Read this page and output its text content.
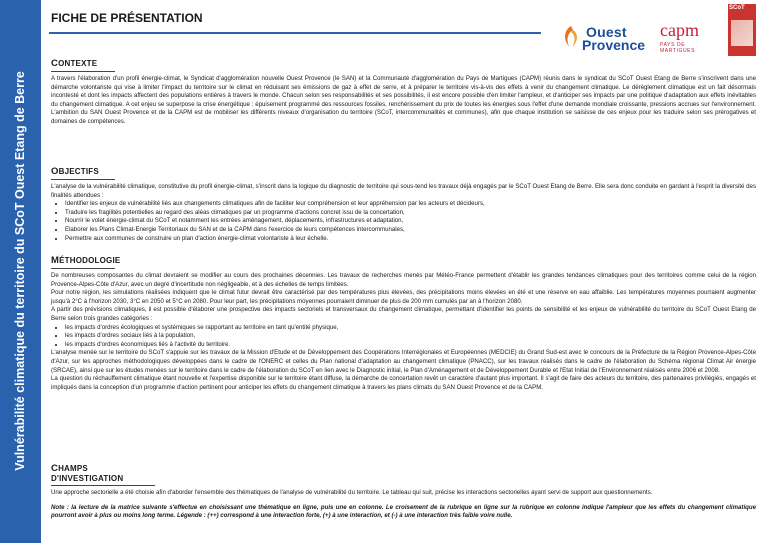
Vulnérabilité climatique du territoire du SCoT Ouest Etang de Berre
FICHE DE PRÉSENTATION
Ouest
Provence
capm
PAYS DE MARTIGUES
SCoT
CONTEXTE

A travers l'élaboration d'un profil énergie-climat, le Syndicat d'agglomération nouvelle Ouest Provence (le SAN) et la Communauté d'agglomération du Pays de Martigues (CAPM) réunis dans le syndicat du SCoT Ouest Etang de Berre s'inscrivent dans une démarche volontariste qui vise à limiter l'impact du territoire sur le climat en réduisant ses émissions de gaz à effet de serre, et à préparer le territoire vis-à-vis des effets à venir du changement climatique. Le dérèglement climatique est un fait désormais incontesté et dont les impacts affectent des populations entières à travers le monde. Chacun selon ses responsabilités et ses possibilités, il est encore possible d'en limiter l'ampleur, et d'anticiper ses impacts par une politique d'adaptation aux effets inévitables du changement climatique. A cet enjeu se superpose la crise énergétique : épuisement programmé des ressources fossiles, renchérissement du prix de toutes les énergies sous l'effet d'une demande mondiale croissante, pressions accrues sur l'environnement. L'ambition du SAN Ouest Provence et de la CAPM est de mobiliser les différents niveaux d'organisation du territoire (SCoT, intercommunalités et communes), afin que chaque institution se saisisse de ces enjeux pour les traduire selon ses prérogatives et domaines de compétences.

OBJECTIFS

L'analyse de la vulnérabilité climatique, constitutive du profil énergie-climat, s'inscrit dans la logique du diagnostic de territoire qui sous-tend les travaux déjà engagés par le SCoT Ouest Etang de Berre. Elle sera donc conduite en gardant à l'esprit la diversité des finalités attendues :

• Identifier les enjeux de vulnérabilité liés aux changements climatiques afin de faciliter leur compréhension et leur appréhension par les acteurs et décideurs,
• Traduire les fragilités potentielles au regard des aléas climatiques par un programme d'actions concret issu de la concertation,
• Nourrir le volet énergie-climat du SCoT et notamment les entrées aménagement, déplacements, infrastructures et adaptation,
• Elaborer les Plans Climat-Energie Territoriaux du SAN et de la CAPM dans l'exercice de leurs compétences intercommunales,
• Permettre aux communes de construire un plan d'action énergie-climat volontariste à leur échelle.
MÉTHODOLOGIE

De nombreuses composantes du climat devraient se modifier au cours des prochaines décennies. Les travaux de recherches menés par Météo-France permettent d'établir les grandes tendances climatiques pour des territoires comme celui de la région Provence-Alpes-Côte d'Azur, avec un degré d'incertitude non négligeable, et à des échelles de temps limitées.

Pour notre région, les simulations réalisées indiquent que le climat futur devrait être caractérisé par des températures plus élevées, des précipitations moins élevées en été et une réserve en eau affaiblie. Les températures moyennes pourraient augmenter jusqu'à 2°C à l'horizon 2030, 3°C en 2050 et 5°C en 2080. Pour leur part, les précipitations moyennes pourraient diminuer de plus de 200 mm cumulés par an à l'horizon 2080.

A partir des prévisions climatiques, il est possible d'élaborer une prospective des impacts sectoriels et transversaux du changement climatique, permettant d'identifier les points de sensibilité et les enjeux de vulnérabilité du territoire du SCoT Ouest Etang de Berre selon trois grandes catégories :

• les impacts d'ordres écologiques et systémiques se rapportant au territoire en tant qu'entité physique,
• les impacts d'ordres sociaux liés à la population,
• les impacts d'ordres économiques liés à l'activité du territoire.

L'analyse menée sur le territoire du SCoT s'appuie sur les travaux de la Mission d'Etude et de Développement des Coopérations Interrégionales et Européennes (MEDCIE) du Grand Sud-est avec le concours de la Préfecture de la Région Provence-Alpes-Côte d'Azur, sur les approches méthodologiques développées dans le cadre de l'ONERC et celles du Plan national d'adaptation au changement climatique (PNACC), sur les travaux réalisés dans le cadre de l'élaboration du Schéma régional Climat Air énergie (SRCAE), ainsi que sur les études menées sur le territoire dans le cadre de l'élaboration du SCoT en lien avec le Diagnostic initial, le Plan d'Aménagement et de Développement Durable et l'Etat Initial de l'Environnement réalisés entre 2006 et 2008.

La question du réchauffement climatique étant nouvelle et l'expertise disponible sur le territoire étant diffuse, la démarche de concertation revêt un caractère d'autant plus important. Il s'agit de faire des acteurs du territoire, des partenaires privilégiés, engagés et impliqués dans la conception d'un programme d'action pertinent pour anticiper les effets du changement climatique à travers les plans climats du SAN Ouest Provence et de la CAPM.

CHAMPS D'INVESTIGATION

Une approche sectorielle a été choisie afin d'aborder l'ensemble des thématiques de l'analyse de vulnérabilité du territoire. Le tableau qui suit, précise les interactions sectorielles ayant servi de support aux questionnements.

Note : la lecture de la matrice suivante s'effectue en choisissant une thématique en ligne, puis une en colonne. Le croisement de la rubrique en ligne sur la rubrique en colonne indique l'ampleur que les effets du changement climatique pourront avoir à plus ou moins long terme. Légende : (++) correspond à une interaction forte, (+) à une interaction, et (-) à une interaction très faible voire nulle.
